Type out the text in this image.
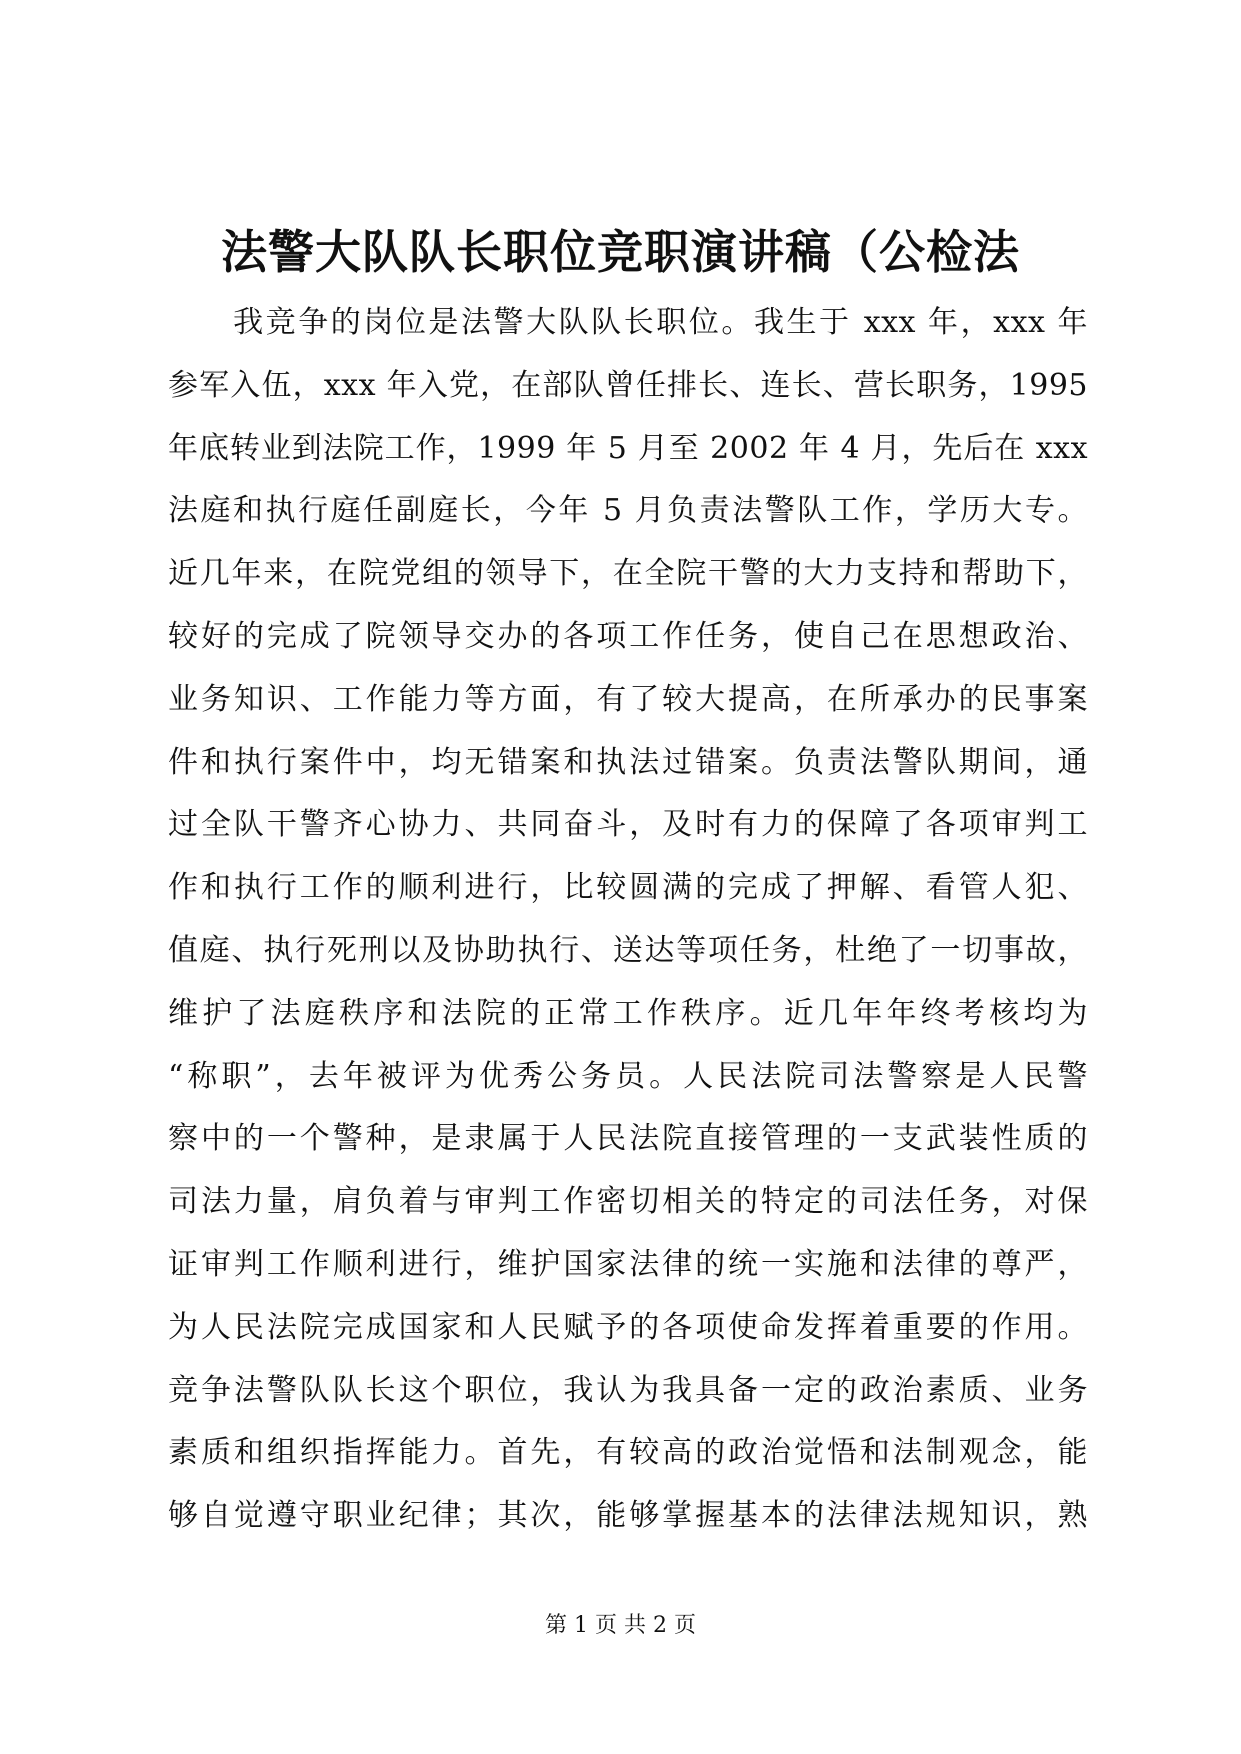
法警大队队长职位竞职演讲稿（公检法
　　我竞争的岗位是法警大队队长职位。我生于 xxx 年，xxx 年
参军入伍，xxx 年入党，在部队曾任排长、连长、营长职务，1995
年底转业到法院工作，1999 年 5 月至 2002 年 4 月，先后在 xxx
法庭和执行庭任副庭长，今年 5 月负责法警队工作，学历大专。
近几年来，在院党组的领导下，在全院干警的大力支持和帮助下，
较好的完成了院领导交办的各项工作任务，使自己在思想政治、
业务知识、工作能力等方面，有了较大提高，在所承办的民事案
件和执行案件中，均无错案和执法过错案。负责法警队期间，通
过全队干警齐心协力、共同奋斗，及时有力的保障了各项审判工
作和执行工作的顺利进行，比较圆满的完成了押解、看管人犯、
值庭、执行死刑以及协助执行、送达等项任务，杜绝了一切事故，
维护了法庭秩序和法院的正常工作秩序。近几年年终考核均为
“称职”，去年被评为优秀公务员。人民法院司法警察是人民警
察中的一个警种，是隶属于人民法院直接管理的一支武装性质的
司法力量，肩负着与审判工作密切相关的特定的司法任务，对保
证审判工作顺利进行，维护国家法律的统一实施和法律的尊严，
为人民法院完成国家和人民赋予的各项使命发挥着重要的作用。
竞争法警队队长这个职位，我认为我具备一定的政治素质、业务
素质和组织指挥能力。首先，有较高的政治觉悟和法制观念，能
够自觉遵守职业纪律；其次，能够掌握基本的法律法规知识，熟
第 1 页 共 2 页
